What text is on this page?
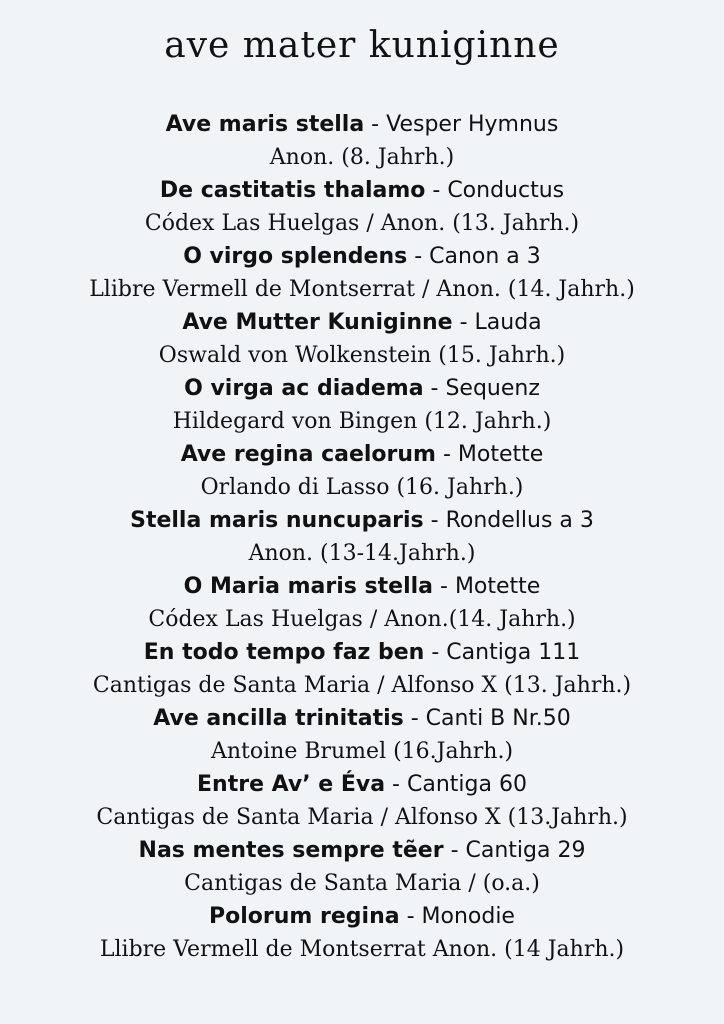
ave mater kuniginne
Ave maris stella - Vesper Hymnus
Anon. (8. Jahrh.)
De castitatis thalamo - Conductus
Códex Las Huelgas / Anon. (13. Jahrh.)
O virgo splendens - Canon a 3
Llibre Vermell de Montserrat / Anon. (14. Jahrh.)
Ave Mutter Kuniginne - Lauda
Oswald von Wolkenstein (15. Jahrh.)
O virga ac diadema - Sequenz
Hildegard von Bingen (12. Jahrh.)
Ave regina caelorum - Motette
Orlando di Lasso (16. Jahrh.)
Stella maris nuncuparis - Rondellus a 3
Anon. (13-14.Jahrh.)
O Maria maris stella - Motette
Códex Las Huelgas / Anon.(14. Jahrh.)
En todo tempo faz ben - Cantiga 111
Cantigas de Santa Maria / Alfonso X (13. Jahrh.)
Ave ancilla trinitatis - Canti B Nr.50
Antoine Brumel (16.Jahrh.)
Entre Av’ e Éva - Cantiga 60
Cantigas de Santa Maria / Alfonso X (13.Jahrh.)
Nas mentes sempre tẽer - Cantiga 29
Cantigas de Santa Maria / (o.a.)
Polorum regina - Monodie
Llibre Vermell de Montserrat Anon. (14 Jahrh.)
